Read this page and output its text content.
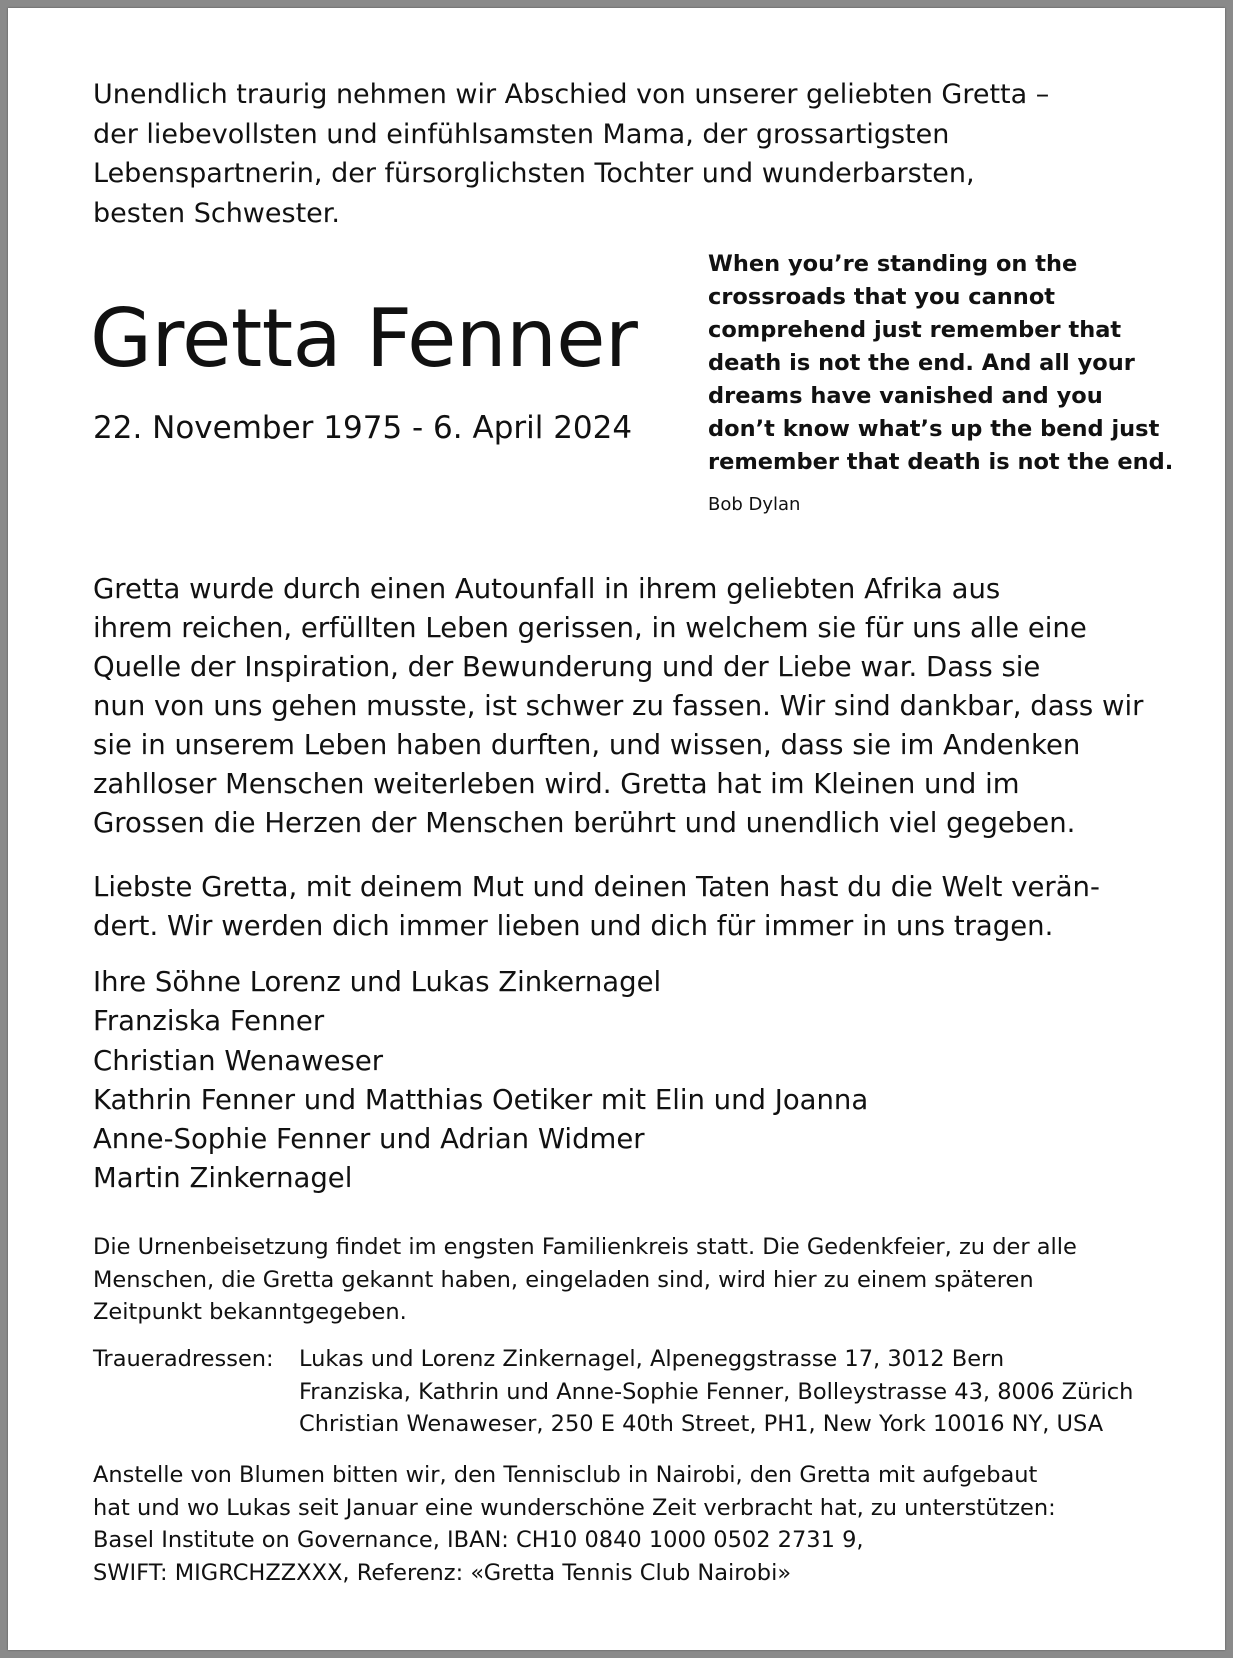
Unendlich traurig nehmen wir Abschied von unserer geliebten Gretta –
der liebevollsten und einfühlsamsten Mama, der grossartigsten
Lebenspartnerin, der fürsorglichsten Tochter und wunderbarsten,
besten Schwester.

Gretta Fenner

22. November 1975 - 6. April 2024

When you’re standing on the
crossroads that you cannot
comprehend just remember that
death is not the end. And all your
dreams have vanished and you
don’t know what’s up the bend just
remember that death is not the end.

Bob Dylan

Gretta wurde durch einen Autounfall in ihrem geliebten Afrika aus
ihrem reichen, erfüllten Leben gerissen, in welchem sie für uns alle eine
Quelle der Inspiration, der Bewunderung und der Liebe war. Dass sie
nun von uns gehen musste, ist schwer zu fassen. Wir sind dankbar, dass wir
sie in unserem Leben haben durften, und wissen, dass sie im Andenken
zahlloser Menschen weiterleben wird. Gretta hat im Kleinen und im
Grossen die Herzen der Menschen berührt und unendlich viel gegeben.

Liebste Gretta, mit deinem Mut und deinen Taten hast du die Welt verän-
dert. Wir werden dich immer lieben und dich für immer in uns tragen.

Ihre Söhne Lorenz und Lukas Zinkernagel
Franziska Fenner
Christian Wenaweser
Kathrin Fenner und Matthias Oetiker mit Elin und Joanna
Anne-Sophie Fenner und Adrian Widmer
Martin Zinkernagel

Die Urnenbeisetzung findet im engsten Familienkreis statt. Die Gedenkfeier, zu der alle
Menschen, die Gretta gekannt haben, eingeladen sind, wird hier zu einem späteren
Zeitpunkt bekanntgegeben.

Traueradressen:	Lukas und Lorenz Zinkernagel, Alpeneggstrasse 17, 3012 Bern
Franziska, Kathrin und Anne-Sophie Fenner, Bolleystrasse 43, 8006 Zürich
Christian Wenaweser, 250 E 40th Street, PH1, New York 10016 NY, USA

Anstelle von Blumen bitten wir, den Tennisclub in Nairobi, den Gretta mit aufgebaut
hat und wo Lukas seit Januar eine wunderschöne Zeit verbracht hat, zu unterstützen:
Basel Institute on Governance, IBAN: CH10 0840 1000 0502 2731 9,
SWIFT: MIGRCHZZXXX, Referenz: «Gretta Tennis Club Nairobi»
